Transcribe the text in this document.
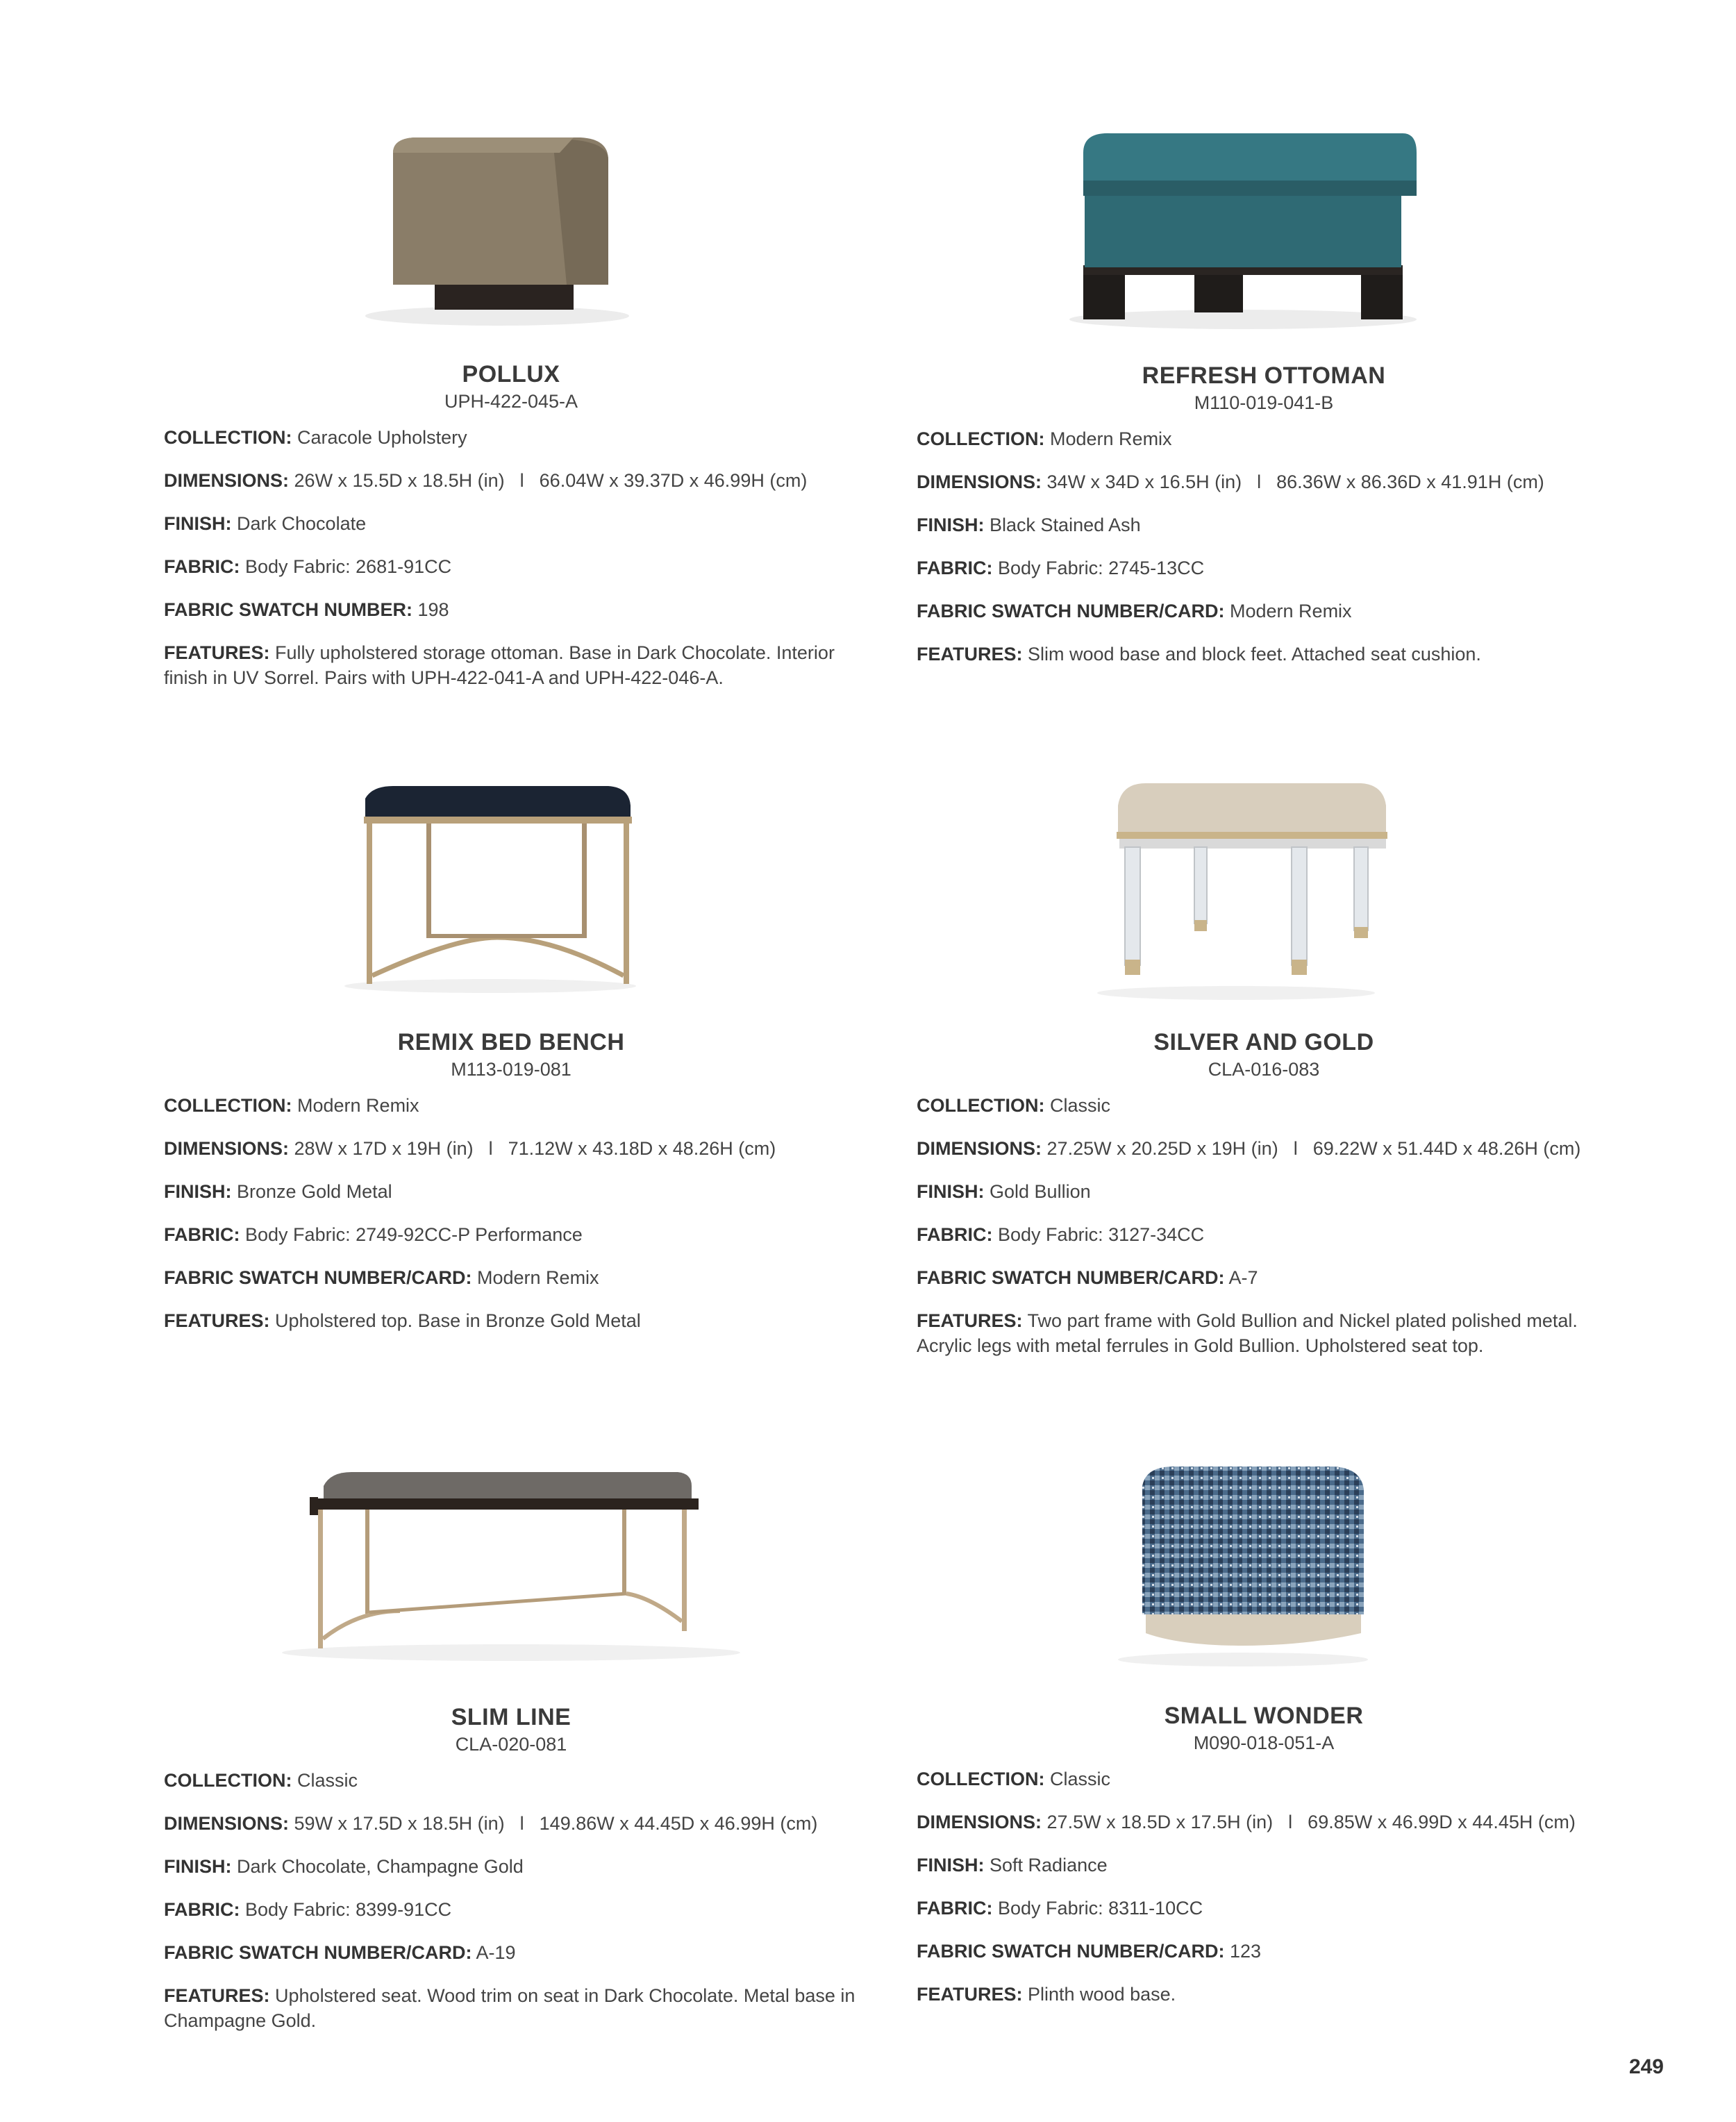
POLLUX
UPH-422-045-A
COLLECTION: Caracole Upholstery
DIMENSIONS: 26W x 15.5D x 18.5H (in) l 66.04W x 39.37D x 46.99H (cm)
FINISH: Dark Chocolate
FABRIC: Body Fabric: 2681-91CC
FABRIC SWATCH NUMBER: 198
FEATURES: Fully upholstered storage ottoman. Base in Dark Chocolate. Interior finish in UV Sorrel. Pairs with UPH-422-041-A and UPH-422-046-A.
REFRESH OTTOMAN
M110-019-041-B
COLLECTION: Modern Remix
DIMENSIONS: 34W x 34D x 16.5H (in) l 86.36W x 86.36D x 41.91H (cm)
FINISH: Black Stained Ash
FABRIC: Body Fabric: 2745-13CC
FABRIC SWATCH NUMBER/CARD: Modern Remix
FEATURES: Slim wood base and block feet. Attached seat cushion.
REMIX BED BENCH
M113-019-081
COLLECTION: Modern Remix
DIMENSIONS: 28W x 17D x 19H (in) l 71.12W x 43.18D x 48.26H (cm)
FINISH: Bronze Gold Metal
FABRIC: Body Fabric: 2749-92CC-P Performance
FABRIC SWATCH NUMBER/CARD: Modern Remix
FEATURES: Upholstered top. Base in Bronze Gold Metal
SILVER AND GOLD
CLA-016-083
COLLECTION: Classic
DIMENSIONS: 27.25W x 20.25D x 19H (in) l 69.22W x 51.44D x 48.26H (cm)
FINISH: Gold Bullion
FABRIC: Body Fabric: 3127-34CC
FABRIC SWATCH NUMBER/CARD: A-7
FEATURES: Two part frame with Gold Bullion and Nickel plated polished metal. Acrylic legs with metal ferrules in Gold Bullion. Upholstered seat top.
SLIM LINE
CLA-020-081
COLLECTION: Classic
DIMENSIONS: 59W x 17.5D x 18.5H (in) l 149.86W x 44.45D x 46.99H (cm)
FINISH: Dark Chocolate, Champagne Gold
FABRIC: Body Fabric: 8399-91CC
FABRIC SWATCH NUMBER/CARD: A-19
FEATURES: Upholstered seat. Wood trim on seat in Dark Chocolate. Metal base in Champagne Gold.
SMALL WONDER
M090-018-051-A
COLLECTION: Classic
DIMENSIONS: 27.5W x 18.5D x 17.5H (in) l 69.85W x 46.99D x 44.45H (cm)
FINISH: Soft Radiance
FABRIC: Body Fabric: 8311-10CC
FABRIC SWATCH NUMBER/CARD: 123
FEATURES: Plinth wood base.
249
